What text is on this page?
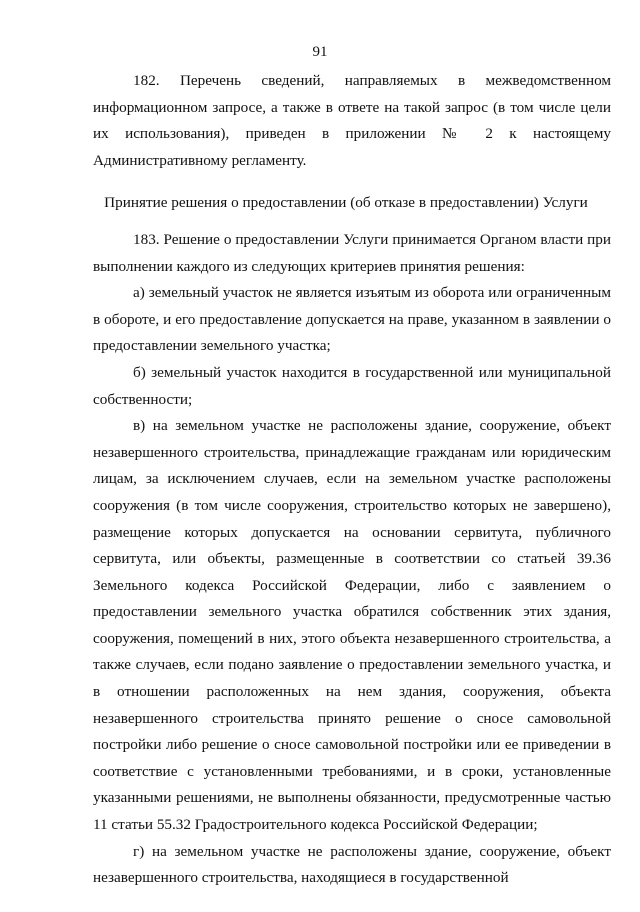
91

182. Перечень сведений, направляемых в межведомственном информационном запросе, а также в ответе на такой запрос (в том числе цели их использования), приведен в приложении № 2 к настоящему Административному регламенту.

Принятие решения о предоставлении (об отказе в предоставлении) Услуги

183. Решение о предоставлении Услуги принимается Органом власти при выполнении каждого из следующих критериев принятия решения:

а) земельный участок не является изъятым из оборота или ограниченным в обороте, и его предоставление допускается на праве, указанном в заявлении о предоставлении земельного участка;

б) земельный участок находится в государственной или муниципальной собственности;

в) на земельном участке не расположены здание, сооружение, объект незавершенного строительства, принадлежащие гражданам или юридическим лицам, за исключением случаев, если на земельном участке расположены сооружения (в том числе сооружения, строительство которых не завершено), размещение которых допускается на основании сервитута, публичного сервитута, или объекты, размещенные в соответствии со статьей 39.36 Земельного кодекса Российской Федерации, либо с заявлением о предоставлении земельного участка обратился собственник этих здания, сооружения, помещений в них, этого объекта незавершенного строительства, а также случаев, если подано заявление о предоставлении земельного участка, и в отношении расположенных на нем здания, сооружения, объекта незавершенного строительства принято решение о сносе самовольной постройки либо решение о сносе самовольной постройки или ее приведении в соответствие с установленными требованиями, и в сроки, установленные указанными решениями, не выполнены обязанности, предусмотренные частью 11 статьи 55.32 Градостроительного кодекса Российской Федерации;

г) на земельном участке не расположены здание, сооружение, объект незавершенного строительства, находящиеся в государственной
